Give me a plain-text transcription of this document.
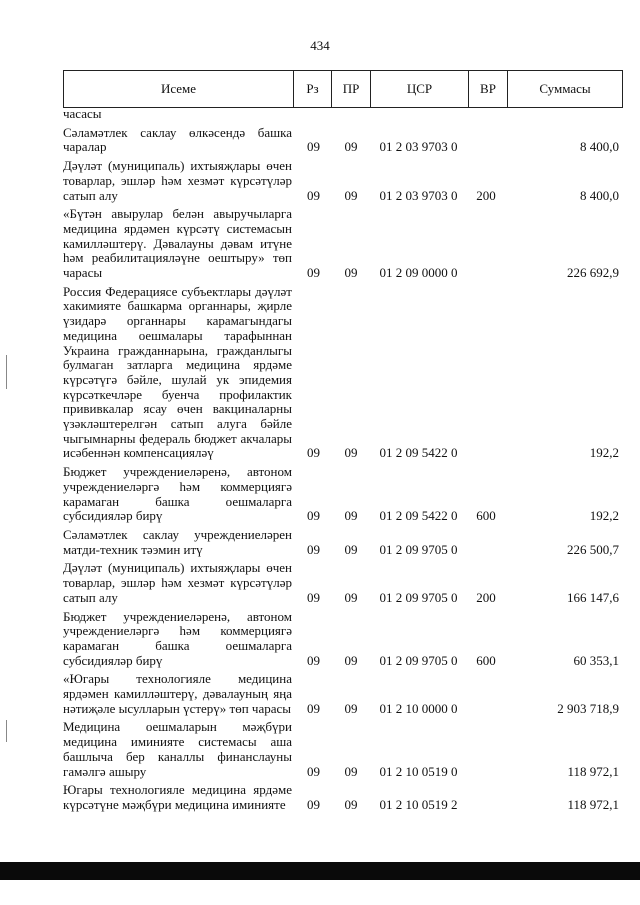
434
Исеме	Рз	ПР	ЦСР	ВР	Суммасы
часасы					
Сәламәтлек саклау өлкәсендә башка чаралар	09	09	01 2 03 9703 0		8 400,0
Дәүләт (муниципаль) ихтыяҗлары өчен товарлар, эшләр һәм хезмәт күрсәтүләр сатып алу	09	09	01 2 03 9703 0	200	8 400,0
«Бүтән авырулар белән авыручыларга медицина ярдәмен күрсәтү системасын камилләштерү. Дәвалауны дәвам итүне һәм реабилитацияләүне оештыру» төп чарасы	09	09	01 2 09 0000 0		226 692,9
Россия Федерациясе субъектлары дәүләт хакимияте башкарма органнары, җирле үзидарә органнары карамагындагы медицина оешмалары тарафыннан Украина гражданнарына, гражданлыгы булмаган затларга медицина ярдәме күрсәтүгә бәйле, шулай ук эпидемия күрсәткечләре буенча профилактик прививкалар ясау өчен вакциналарны үзәкләштерелгән сатып алуга бәйле чыгымнарны федераль бюджет акчалары исәбеннән компенсацияләү	09	09	01 2 09 5422 0		192,2
Бюджет учреждениеләренә, автоном учреждениеләргә һәм коммерциягә карамаган башка оешмаларга субсидияләр бирү	09	09	01 2 09 5422 0	600	192,2
Сәламәтлек саклау учреждениеләрен матди-техник тәэмин итү	09	09	01 2 09 9705 0		226 500,7
Дәүләт (муниципаль) ихтыяҗлары өчен товарлар, эшләр һәм хезмәт күрсәтүләр сатып алу	09	09	01 2 09 9705 0	200	166 147,6
Бюджет учреждениеләренә, автоном учреждениеләргә һәм коммерциягә карамаган башка оешмаларга субсидияләр бирү	09	09	01 2 09 9705 0	600	60 353,1
«Югары технологияле медицина ярдәмен камилләштерү, дәвалауның яңа нәтиҗәле ысулларын үстерү» төп чарасы	09	09	01 2 10 0000 0		2 903 718,9
Медицина оешмаларын мәҗбүри медицина иминияте системасы аша башлыча бер каналлы финанслауны гамәлгә ашыру	09	09	01 2 10 0519 0		118 972,1
Югары технологияле медицина ярдәме күрсәтүне мәҗбүри медицина иминияте	09	09	01 2 10 0519 2		118 972,1
